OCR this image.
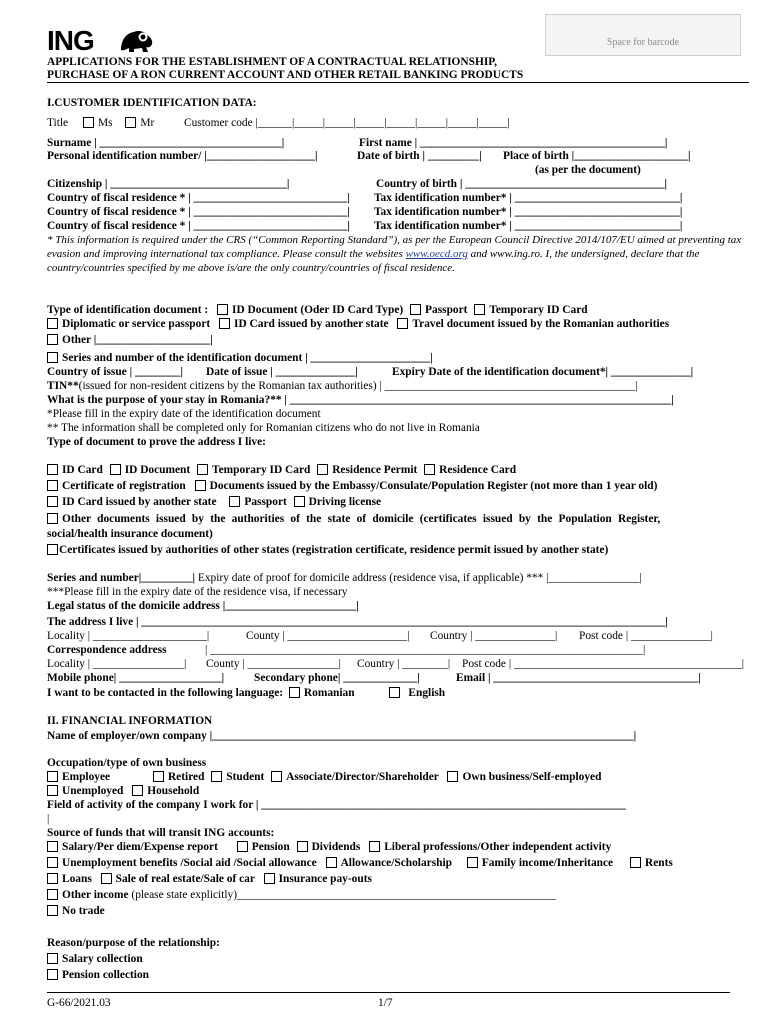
ING	Space for barcode
APPLICATIONS FOR THE ESTABLISHMENT OF A CONTRACTUAL RELATIONSHIP,
PURCHASE OF A RON CURRENT ACCOUNT AND OTHER RETAIL BANKING PRODUCTS
I.CUSTOMER IDENTIFICATION DATA:
Title	Ms Mr	Customer code |______|_____|_____|_____|_____|_____|_____|_____|
Surname | ________________________________|	First name | ___________________________________________|
Personal identification number/ |___________________|	Date of birth | _________| Place of birth |____________________|
(as per the document)
Citizenship | _______________________________|	Country of birth | ___________________________________|
Country of fiscal residence * | ___________________________| Tax identification number* | _____________________________|
Country of fiscal residence * | ___________________________| Tax identification number* | _____________________________|
Country of fiscal residence * | ___________________________| Tax identification number* | _____________________________|
* This information is required under the CRS (“Common Reporting Standard”), as per the European Council Directive 2014/107/EU aimed at preventing tax evasion and improving international tax compliance. Please consult the websites www.oecd.org and www.ing.ro. I, the undersigned, declare that the country/countries specified by me above is/are the only country/countries of fiscal residence.
Type of identification document : ID Document (Oder ID Card Type) Passport Temporary ID Card
Diplomatic or service passport ID Card issued by another state Travel document issued by the Romanian authorities
Other |____________________|
Series and number of the identification document | _____________________|
Country of issue | ________| Date of issue | ______________|	Expiry Date of the identification document*| ______________|
TIN**(issued for non-resident citizens by the Romanian tax authorities) | ____________________________________________|
What is the purpose of your stay in Romania?** | ___________________________________________________________________|
*Please fill in the expiry date of the identification document
** The information shall be completed only for Romanian citizens who do not live in Romania
Type of document to prove the address I live:
ID Card ID Document Temporary ID Card Residence Permit Residence Card
Certificate of registration Documents issued by the Embassy/Consulate/Population Register (not more than 1 year old)
ID Card issued by another state Passport Driving license
Other documents issued by the authorities of the state of domicile (certificates issued by the Population Register,
social/health insurance document)
Certificates issued by authorities of other states (registration certificate, residence permit issued by another state)
Series and number|_________| Expiry date of proof for domicile address (residence visa, if applicable) *** |________________|
***Please fill in the expiry date of the residence visa, if necessary
Legal status of the domicile address |_______________________|
The address I live | ____________________________________________________________________________________________|
Locality | ____________________|	County | _____________________| Country | ______________| Post code | ______________|
Correspondence address	| ____________________________________________________________________________|
Locality | ________________| County | ________________| Country | ________| Post code | ________________________________________|
Mobile phone| __________________|	Secondary phone| _____________|	Email | ____________________________________|
I want to be contacted in the following language: Romanian	English
II. FINANCIAL INFORMATION
Name of employer/own company |__________________________________________________________________________|
Occupation/type of own business
Employee	Retired Student Associate/Director/Shareholder Own business/Self-employed
Unemployed Household
Field of activity of the company I work for | ________________________________________________________________
|
Source of funds that will transit ING accounts:
Salary/Per diem/Expense report	Pension Dividends Liberal professions/Other independent activity
Unemployment benefits /Social aid /Social allowance Allowance/Scholarship	Family income/Inheritance	Rents
Loans Sale of real estate/Sale of car Insurance pay-outs
Other income (please state explicitly)________________________________________________________
No trade
Reason/purpose of the relationship:
Salary collection
Pension collection
G-66/2021.03	1/7
